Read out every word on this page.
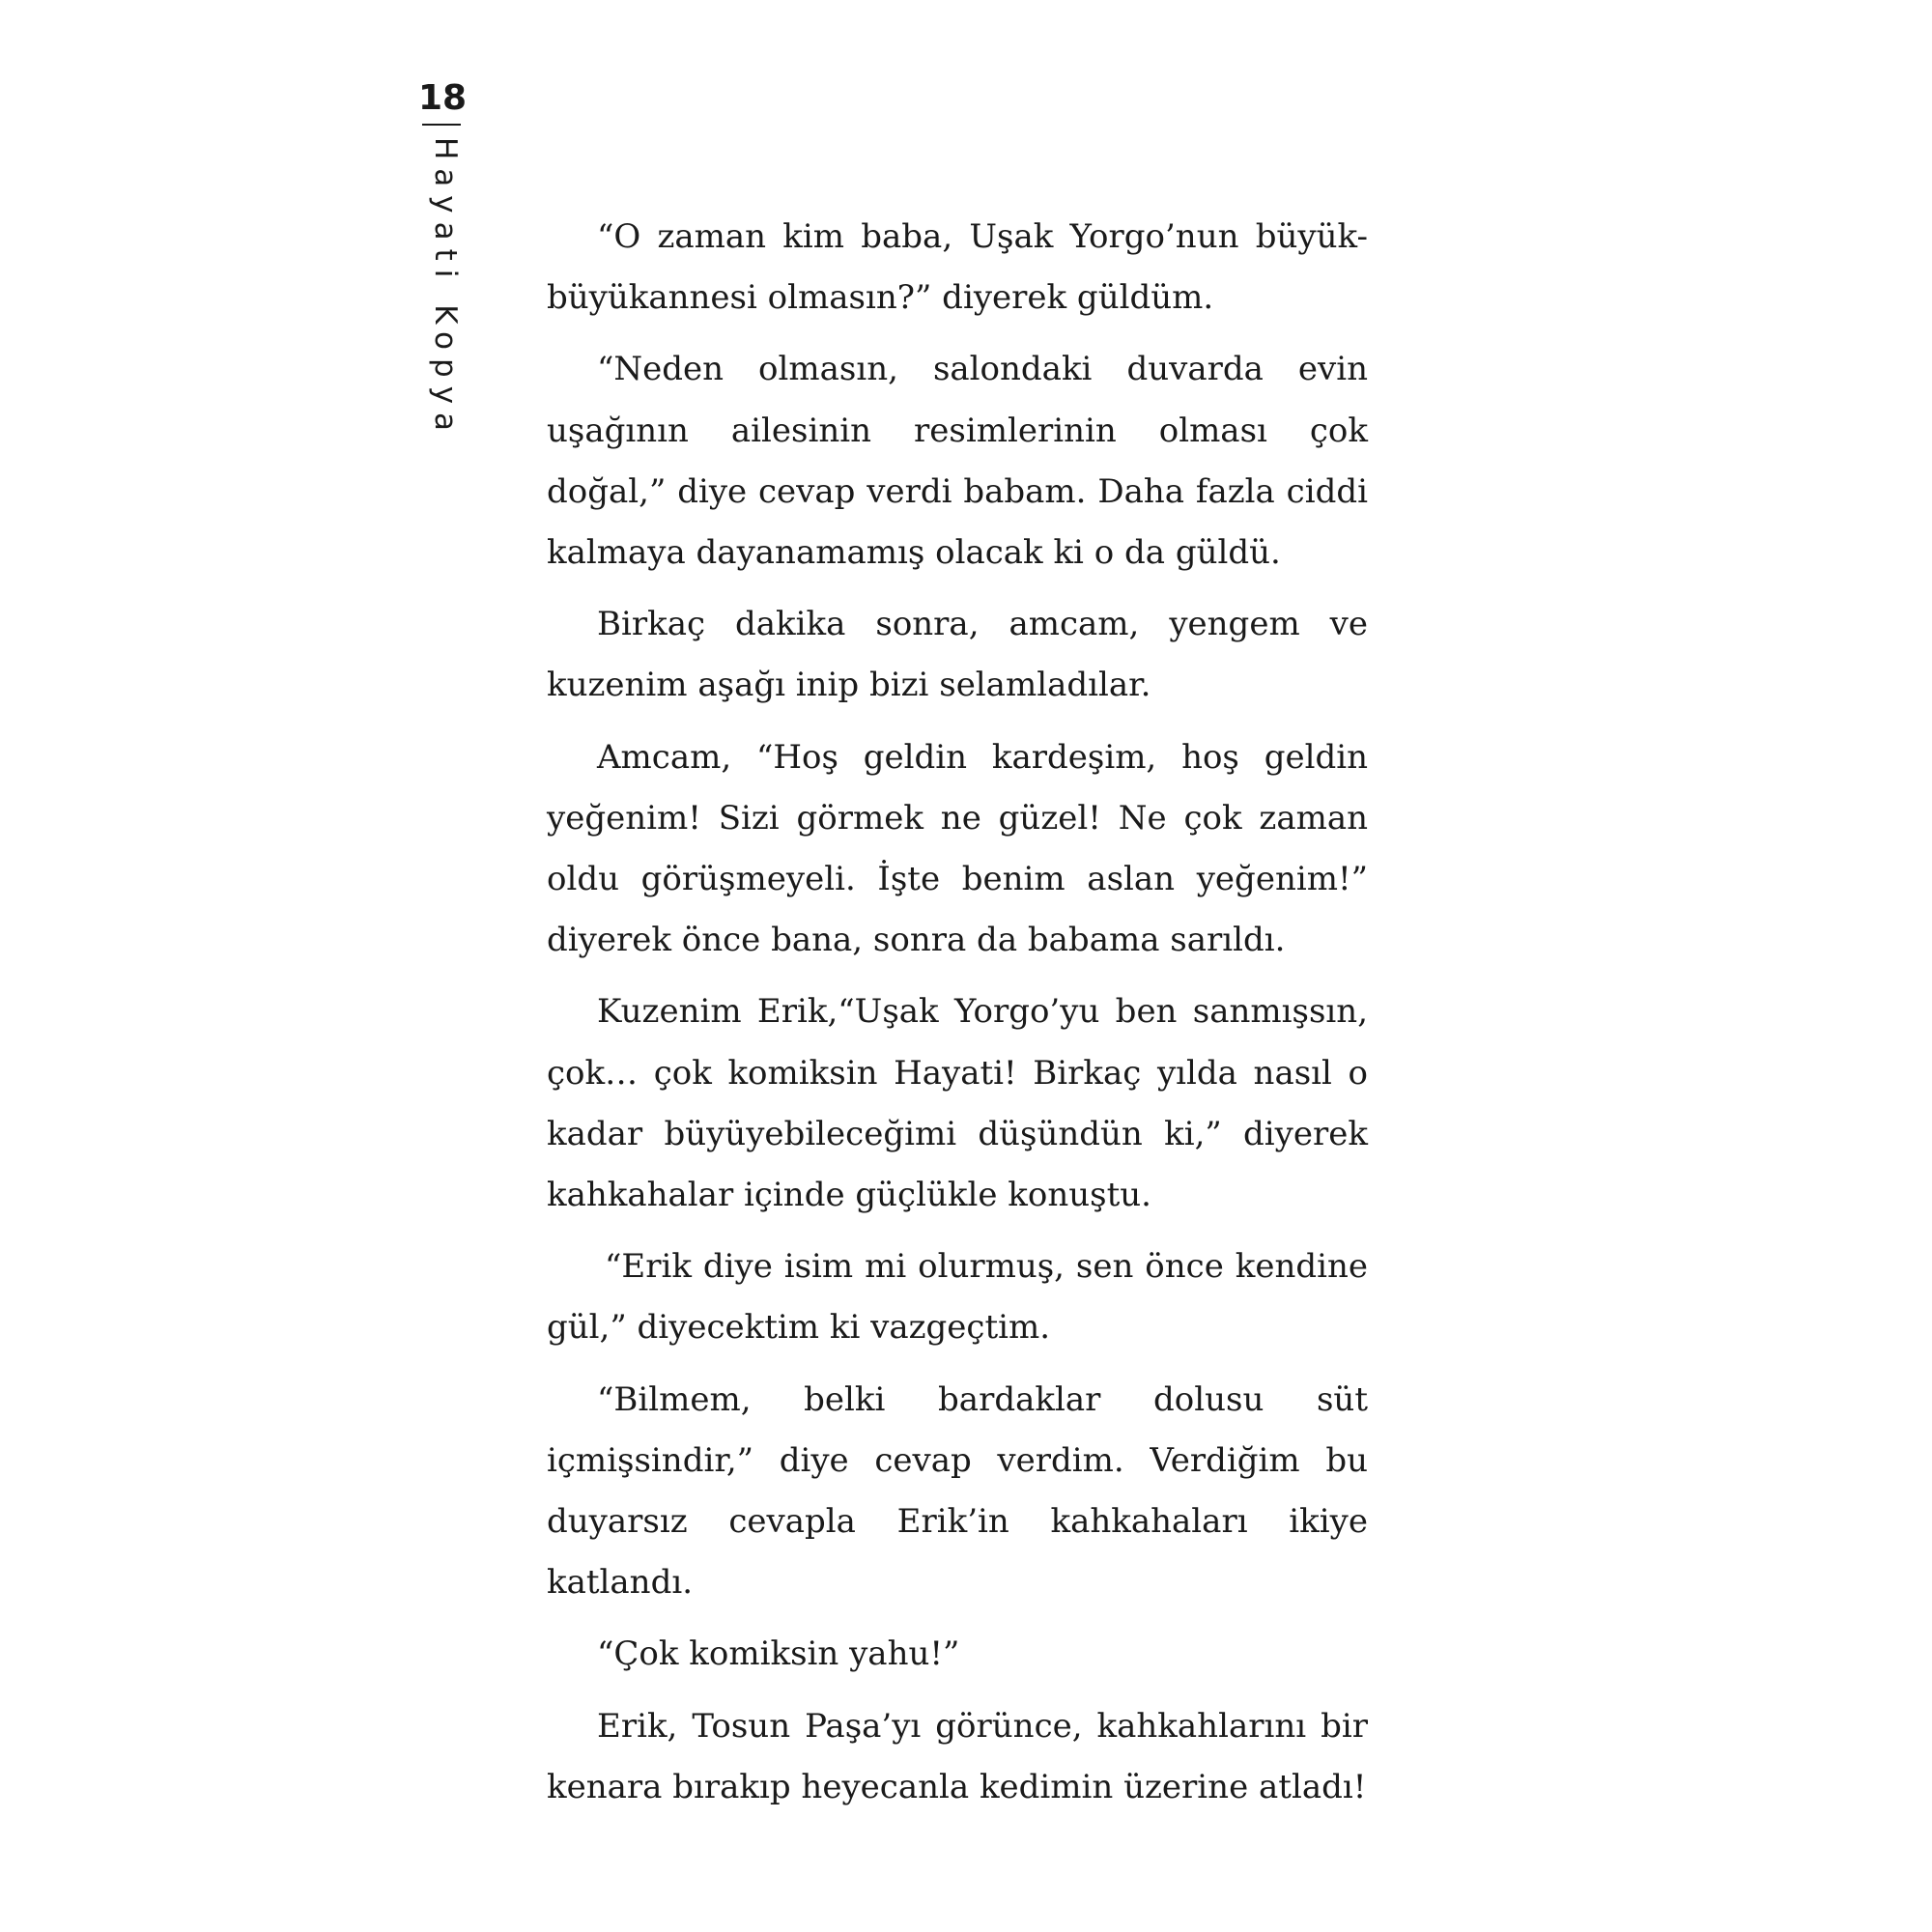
18
Hayati Kopya	“O zaman kim baba, Uşak Yorgo’nun büyük-büyükannesi olmasın?” diyerek güldüm.

“Neden olmasın, salondaki duvarda evin uşağının ailesinin resimlerinin olması çok doğal,” diye cevap verdi babam. Daha fazla ciddi kalmaya dayanamamış olacak ki o da güldü.

Birkaç dakika sonra, amcam, yengem ve kuzenim aşağı inip bizi selamladılar.

Amcam, “Hoş geldin kardeşim, hoş geldin yeğenim! Sizi görmek ne güzel! Ne çok zaman oldu görüşmeyeli. İşte benim aslan yeğenim!” diyerek önce bana, sonra da babama sarıldı.

Kuzenim Erik,“Uşak Yorgo’yu ben sanmışsın, çok… çok komiksin Hayati! Birkaç yılda nasıl o kadar büyüyebileceğimi düşündün ki,” diyerek kahkahalar içinde güçlükle konuştu.

“Erik diye isim mi olurmuş, sen önce kendine gül,” diyecektim ki vazgeçtim.

“Bilmem, belki bardaklar dolusu süt içmişsindir,” diye cevap verdim. Verdiğim bu duyarsız cevapla Erik’in kahkahaları ikiye katlandı.

“Çok komiksin yahu!”

Erik, Tosun Paşa’yı görünce, kahkahlarını bir kenara bırakıp heyecanla kedimin üzerine atladı!
